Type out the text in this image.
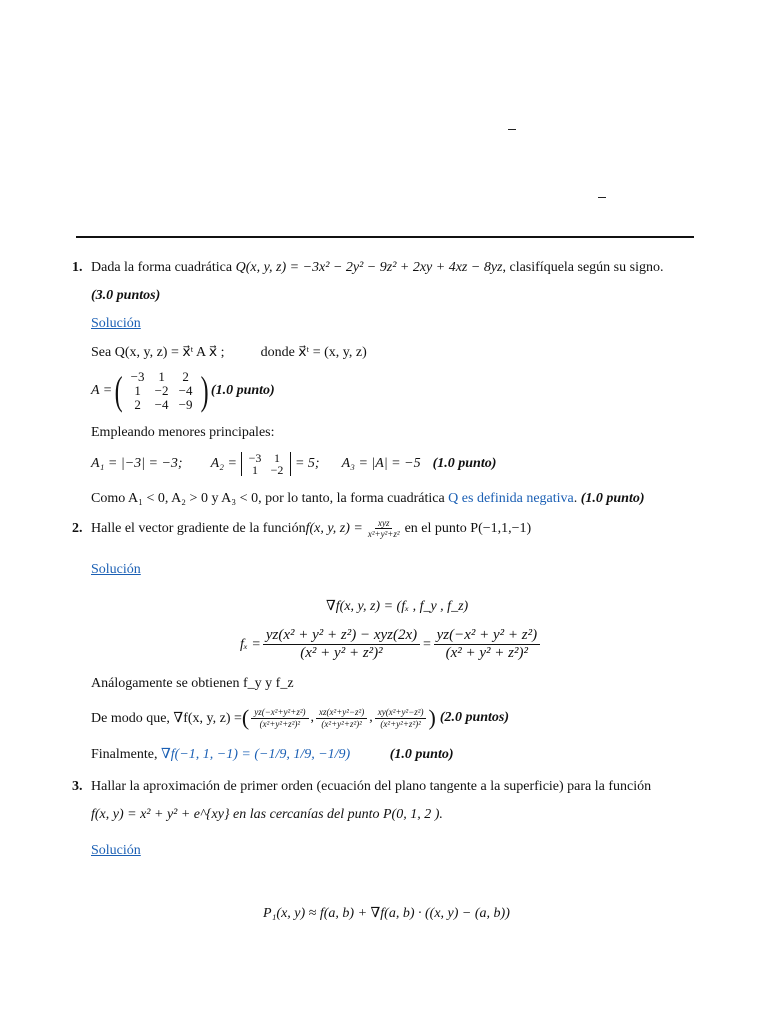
1. Dada la forma cuadrática Q(x, y, z) = −3x² − 2y² − 9z² + 2xy + 4xz − 8yz, clasifíquela según su signo.
(3.0 puntos)
Solución
Sea Q(x, y, z) = x⃗ᵗ A x⃗ ;	donde x⃗ᵗ = (x, y, z)
A = ( −3	1	2
1	−2 −4
2	−4 −9 ) (1.0 punto)
Empleando menores principales:
A₁ = |−3| = −3; A₂ = −3	1
1	−2 = 5; A₃ = |A| = −5 (1.0 punto)
Como A₁ < 0, A₂ > 0 y A₃ < 0, por lo tanto, la forma cuadrática Q es definida negativa. (1.0 punto)
2. Halle el vector gradiente de la función f(x, y, $z) = \frac{\text{xyz}}{\text{x²+y²+z²}}$ en el punto P(−1,1,−1)
Solución
∇f(x, y, z) = (fₓ , f_y , f_z)
$f_x = \frac{\text{yz(x² + y² + z²) − xyz(2x)}}{\text{(x² + y² + z²)²}} = \frac{\text{yz(−x² + y² + z²)}}{\text{(x² + y² + z²)²}}$
Análogamente se obtienen f_y y f_z
De modo que, ∇f(x, y, z) = ( $\frac{\text{yz(−x²+y²+z²)}}{\text{(x²+y²+z²)²}}$ , $\frac{\text{xz(x²+y²−z²)}}{\text{(x²+y²+z²)²}}$ , $\frac{\text{xy(x²+y²−z²)}}{\text{(x²+y²+z²)²}}$ ) (2.0 puntos)
Finalmente, ∇f(−1, 1, −1) = (−1/9, 1/9, −1/9)	(1.0 punto)
3. Hallar la aproximación de primer orden (ecuación del plano tangente a la superficie) para la función
f(x, y) = x² + y² + e^{xy} en las cercanías del punto P(0, 1, 2 ).
Solución
P₁(x, y) ≈ f(a, b) + ∇f(a, b) · ((x, y) − (a, b))
